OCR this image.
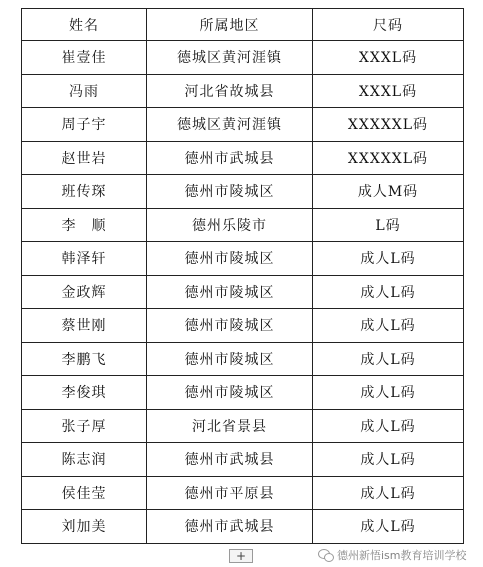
姓名	所属地区	尺码
崔壹佳	德城区黄河涯镇	XXXL码
冯雨	河北省故城县	XXXL码
周子宇	德城区黄河涯镇	XXXXXL码
赵世岩	德州市武城县	XXXXXL码
班传琛	德州市陵城区	成人M码
李　顺	德州乐陵市	L码
韩泽轩	德州市陵城区	成人L码
金政辉	德州市陵城区	成人L码
蔡世刚	德州市陵城区	成人L码
李鹏飞	德州市陵城区	成人L码
李俊琪	德州市陵城区	成人L码
张子厚	河北省景县	成人L码
陈志润	德州市武城县	成人L码
侯佳莹	德州市平原县	成人L码
刘加美	德州市武城县	成人L码
+	德州新悟ism教育培训学校
